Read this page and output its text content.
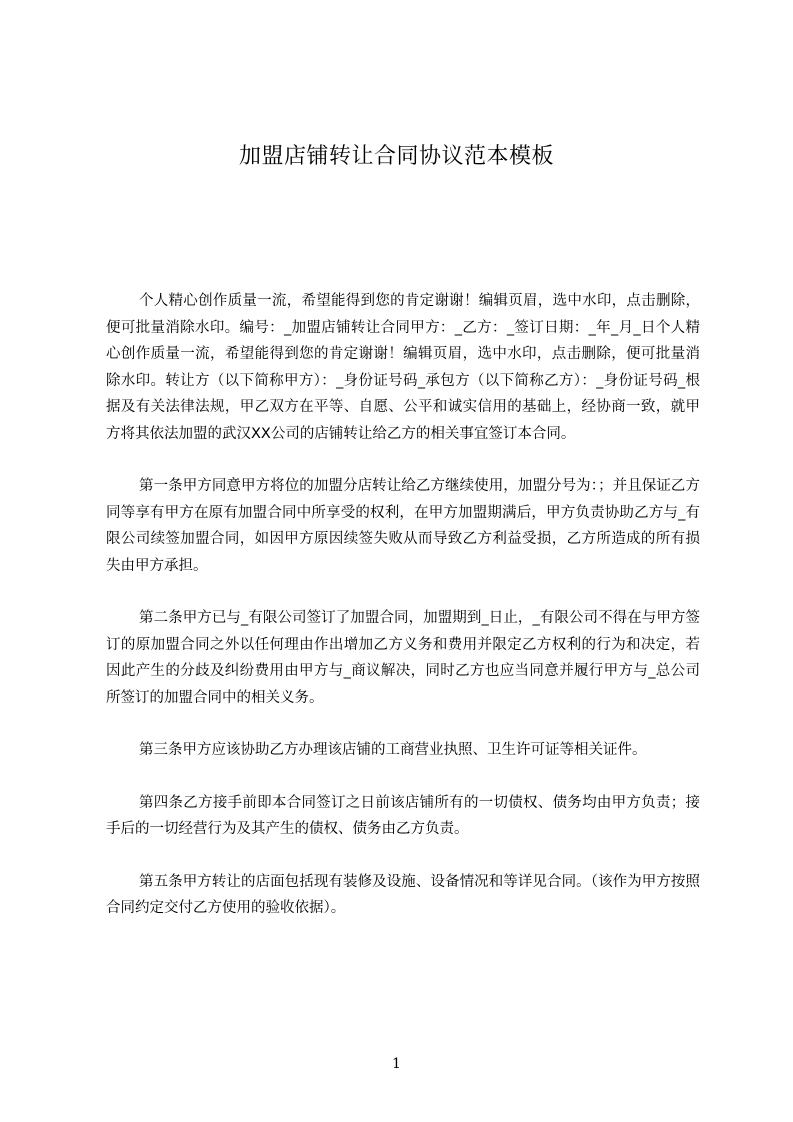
加盟店铺转让合同协议范本模板

个人精心创作质量一流，希望能得到您的肯定谢谢！编辑页眉，选中水印，点击删除，便可批量消除水印。编号：_加盟店铺转让合同甲方：_乙方：_签订日期：_年_月_日个人精心创作质量一流，希望能得到您的肯定谢谢！编辑页眉，选中水印，点击删除，便可批量消除水印。转让方（以下简称甲方）：_身份证号码_承包方（以下简称乙方）：_身份证号码_根据及有关法律法规，甲乙双方在平等、自愿、公平和诚实信用的基础上，经协商一致，就甲方将其依法加盟的武汉XX公司的店铺转让给乙方的相关事宜签订本合同。

第一条甲方同意甲方将位的加盟分店转让给乙方继续使用，加盟分号为：；并且保证乙方同等享有甲方在原有加盟合同中所享受的权利，在甲方加盟期满后，甲方负责协助乙方与_有限公司续签加盟合同，如因甲方原因续签失败从而导致乙方利益受损，乙方所造成的所有损失由甲方承担。

第二条甲方已与_有限公司签订了加盟合同，加盟期到_日止，_有限公司不得在与甲方签订的原加盟合同之外以任何理由作出增加乙方义务和费用并限定乙方权利的行为和决定，若因此产生的分歧及纠纷费用由甲方与_商议解决，同时乙方也应当同意并履行甲方与_总公司所签订的加盟合同中的相关义务。

第三条甲方应该协助乙方办理该店铺的工商营业执照、卫生许可证等相关证件。

第四条乙方接手前即本合同签订之日前该店铺所有的一切债权、债务均由甲方负责；接手后的一切经营行为及其产生的债权、债务由乙方负责。

第五条甲方转让的店面包括现有装修及设施、设备情况和等详见合同。（该作为甲方按照合同约定交付乙方使用的验收依据）。

1
